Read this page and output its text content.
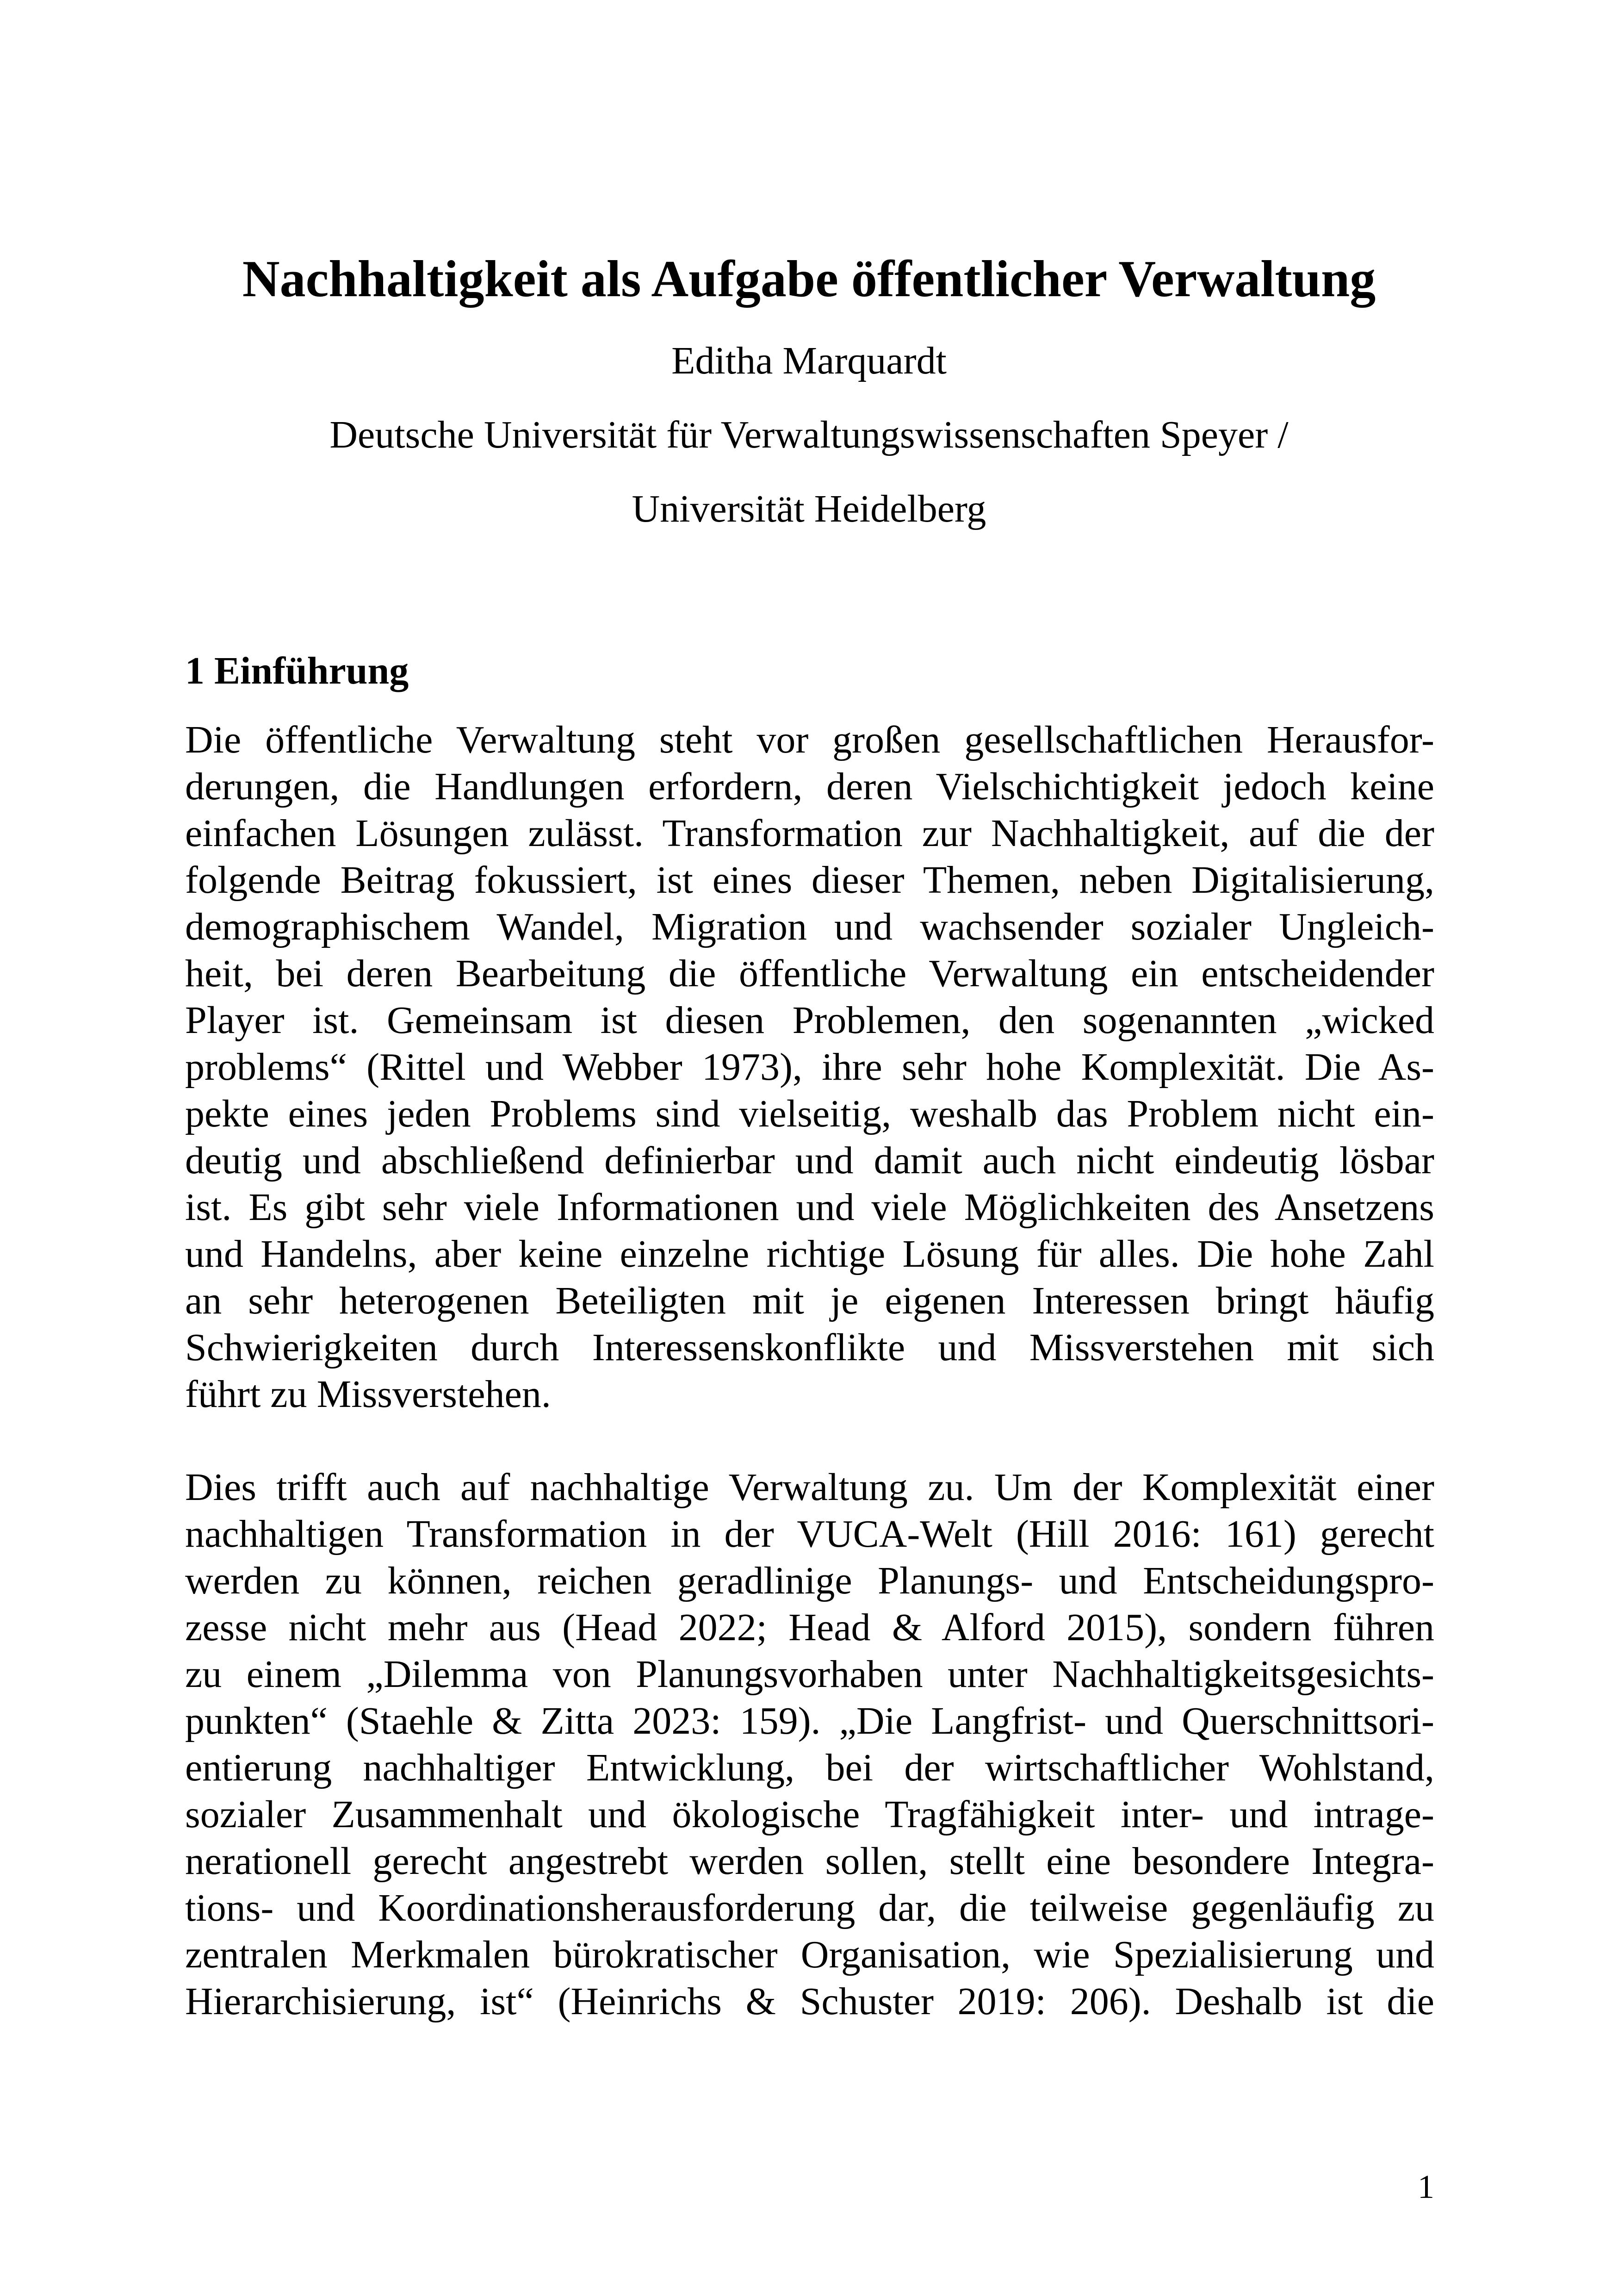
Nachhaltigkeit als Aufgabe öffentlicher Verwaltung
Editha Marquardt
Deutsche Universität für Verwaltungswissenschaften Speyer /
Universität Heidelberg
1 Einführung
Die öffentliche Verwaltung steht vor großen gesellschaftlichen Herausfor-
derungen, die Handlungen erfordern, deren Vielschichtigkeit jedoch keine
einfachen Lösungen zulässt. Transformation zur Nachhaltigkeit, auf die der
folgende Beitrag fokussiert, ist eines dieser Themen, neben Digitalisierung,
demographischem Wandel, Migration und wachsender sozialer Ungleich-
heit, bei deren Bearbeitung die öffentliche Verwaltung ein entscheidender
Player ist. Gemeinsam ist diesen Problemen, den sogenannten „wicked
problems“ (Rittel und Webber 1973), ihre sehr hohe Komplexität. Die As-
pekte eines jeden Problems sind vielseitig, weshalb das Problem nicht ein-
deutig und abschließend definierbar und damit auch nicht eindeutig lösbar
ist. Es gibt sehr viele Informationen und viele Möglichkeiten des Ansetzens
und Handelns, aber keine einzelne richtige Lösung für alles. Die hohe Zahl
an sehr heterogenen Beteiligten mit je eigenen Interessen bringt häufig
Schwierigkeiten durch Interessenskonflikte und Missverstehen mit sich
führt zu Missverstehen.
Dies trifft auch auf nachhaltige Verwaltung zu. Um der Komplexität einer
nachhaltigen Transformation in der VUCA-Welt (Hill 2016: 161) gerecht
werden zu können, reichen geradlinige Planungs- und Entscheidungspro-
zesse nicht mehr aus (Head 2022; Head & Alford 2015), sondern führen
zu einem „Dilemma von Planungsvorhaben unter Nachhaltigkeitsgesichts-
punkten“ (Staehle & Zitta 2023: 159). „Die Langfrist- und Querschnittsori-
entierung nachhaltiger Entwicklung, bei der wirtschaftlicher Wohlstand,
sozialer Zusammenhalt und ökologische Tragfähigkeit inter- und intrage-
nerationell gerecht angestrebt werden sollen, stellt eine besondere Integra-
tions- und Koordinationsherausforderung dar, die teilweise gegenläufig zu
zentralen Merkmalen bürokratischer Organisation, wie Spezialisierung und
Hierarchisierung, ist“ (Heinrichs & Schuster 2019: 206). Deshalb ist die
1
